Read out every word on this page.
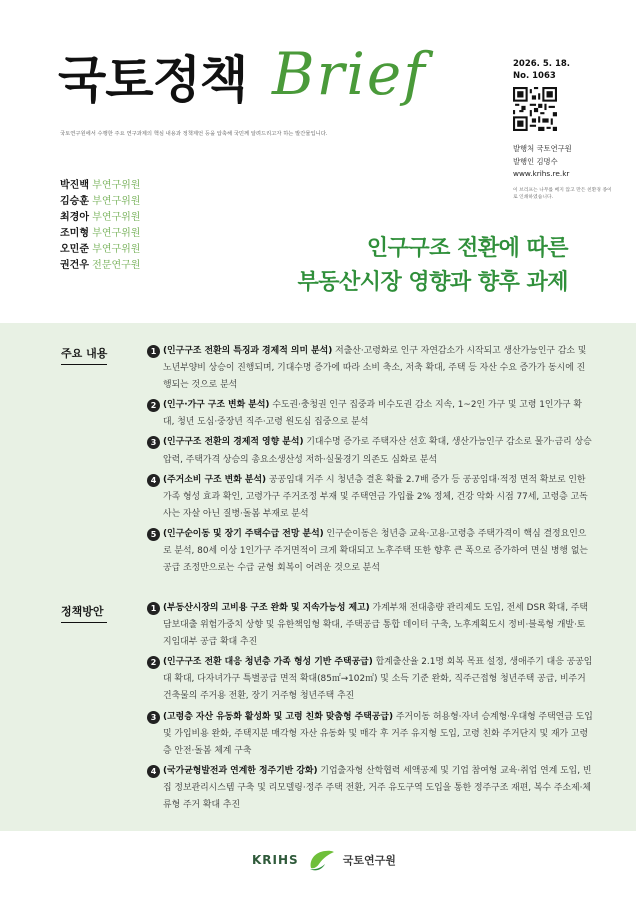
국토정책 Brief
국토연구원에서 수행한 주요 연구과제의 핵심 내용과 정책제언 등을 압축해 국민께 알려드리고자 하는 발간물입니다.
2026. 5. 18.
No. 1063
발행처 국토연구원
발행인 김명수
www.krihs.re.kr
이 브리프는 나무를 베지 않고 만든 친환경 종이로 인쇄하였습니다.
박진백 부연구위원
김승훈 부연구위원
최경아 부연구위원
조미형 부연구위원
오민준 부연구위원
권건우 전문연구원
인구구조 전환에 따른
부동산시장 영향과 향후 과제
주요 내용	1 (인구구조 전환의 특징과 경제적 의미 분석) 저출산·고령화로 인구 자연감소가 시작되고 생산가능인구 감소 및 노년부양비 상승이 진행되며, 기대수명 증가에 따라 소비 축소, 저축 확대, 주택 등 자산 수요 증가가 동시에 진행되는 것으로 분석
2 (인구·가구 구조 변화 분석) 수도권·충청권 인구 집중과 비수도권 감소 지속, 1~2인 가구 및 고령 1인가구 확대, 청년 도심·중장년 직주·고령 원도심 집중으로 분석
3 (인구구조 전환의 경제적 영향 분석) 기대수명 증가로 주택자산 선호 확대, 생산가능인구 감소로 물가·금리 상승 압력, 주택가격 상승의 총요소생산성 저하·실물경기 의존도 심화로 분석
4 (주거소비 구조 변화 분석) 공공임대 거주 시 청년층 결혼 확률 2.7배 증가 등 공공임대·적정 면적 확보로 인한 가족 형성 효과 확인, 고령가구 주거조정 부재 및 주택연금 가입률 2% 정체, 건강 악화 시점 77세, 고령층 고독사는 자살 아닌 질병·돌봄 부재로 분석
5 (인구순이동 및 장기 주택수급 전망 분석) 인구순이동은 청년층 교육·고용·고령층 주택가격이 핵심 결정요인으로 분석, 80세 이상 1인가구 주거면적이 크게 확대되고 노후주택 또한 향후 큰 폭으로 증가하여 면실 병행 없는 공급 조정만으로는 수급 균형 회복이 어려운 것으로 분석
정책방안	1 (부동산시장의 고비용 구조 완화 및 지속가능성 제고) 가계부채 전대총량 관리제도 도입, 전세 DSR 확대, 주택담보대출 위험가중치 상향 및 유한책임형 확대, 주택공급 통합 데이터 구축, 노후계획도시 정비·블록형 개발·토지임대부 공급 확대 추진
2 (인구구조 전환 대응 청년층 가족 형성 기반 주택공급) 합계출산율 2.1명 회복 목표 설정, 생애주기 대응 공공임대 확대, 다자녀가구 특별공급 면적 확대(85㎡→102㎡) 및 소득 기준 완화, 직주근접형 청년주택 공급, 비주거 건축물의 주거용 전환, 장기 거주형 청년주택 추진
3 (고령층 자산 유동화 활성화 및 고령 친화 맞춤형 주택공급) 주거이동 허용형·자녀 승계형·우대형 주택연금 도입 및 가입비용 완화, 주택지분 매각형 자산 유동화 및 매각 후 거주 유지형 도입, 고령 친화 주거단지 및 재가 고령층 안전·돌봄 체계 구축
4 (국가균형발전과 연계한 정주기반 강화) 기업출자형 산학협력 세액공제 및 기업 참여형 교육·취업 연계 도입, 빈집 정보관리시스템 구축 및 리모델링·정주 주택 전환, 거주 유도구역 도입을 통한 정주구조 재편, 복수 주소제·체류형 주거 확대 추진
KRIHS	국토연구원
